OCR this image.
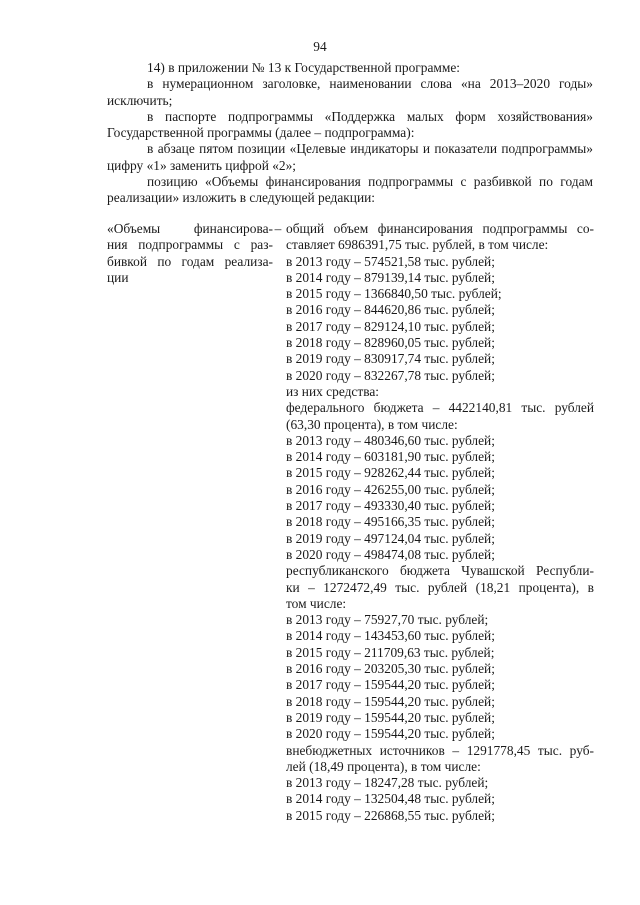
94

14) в приложении № 13 к Государственной программе:

в нумерационном заголовке, наименовании слова «на 2013–2020 годы» исключить;

в паспорте подпрограммы «Поддержка малых форм хозяйствования» Государственной программы (далее – подпрограмма):

в абзаце пятом позиции «Целевые индикаторы и показатели подпрограммы» цифру «1» заменить цифрой «2»;

позицию «Объемы финансирования подпрограммы с разбивкой по годам реализации» изложить в следующей редакции:

«Объемы финансирова-
ния подпрограммы с раз-
бивкой по годам реализа-
ции
– общий объем финансирования подпрограммы со-
ставляет 6986391,75 тыс. рублей, в том числе:
в 2013 году – 574521,58 тыс. рублей;
в 2014 году – 879139,14 тыс. рублей;
в 2015 году – 1366840,50 тыс. рублей;
в 2016 году – 844620,86 тыс. рублей;
в 2017 году – 829124,10 тыс. рублей;
в 2018 году – 828960,05 тыс. рублей;
в 2019 году – 830917,74 тыс. рублей;
в 2020 году – 832267,78 тыс. рублей;
из них средства:
федерального бюджета – 4422140,81 тыс. рублей
(63,30 процента), в том числе:
в 2013 году – 480346,60 тыс. рублей;
в 2014 году – 603181,90 тыс. рублей;
в 2015 году – 928262,44 тыс. рублей;
в 2016 году – 426255,00 тыс. рублей;
в 2017 году – 493330,40 тыс. рублей;
в 2018 году – 495166,35 тыс. рублей;
в 2019 году – 497124,04 тыс. рублей;
в 2020 году – 498474,08 тыс. рублей;
республиканского бюджета Чувашской Республи-
ки – 1272472,49 тыс. рублей (18,21 процента), в
том числе:
в 2013 году – 75927,70 тыс. рублей;
в 2014 году – 143453,60 тыс. рублей;
в 2015 году – 211709,63 тыс. рублей;
в 2016 году – 203205,30 тыс. рублей;
в 2017 году – 159544,20 тыс. рублей;
в 2018 году – 159544,20 тыс. рублей;
в 2019 году – 159544,20 тыс. рублей;
в 2020 году – 159544,20 тыс. рублей;
внебюджетных источников – 1291778,45 тыс. руб-
лей (18,49 процента), в том числе:
в 2013 году – 18247,28 тыс. рублей;
в 2014 году – 132504,48 тыс. рублей;
в 2015 году – 226868,55 тыс. рублей;
